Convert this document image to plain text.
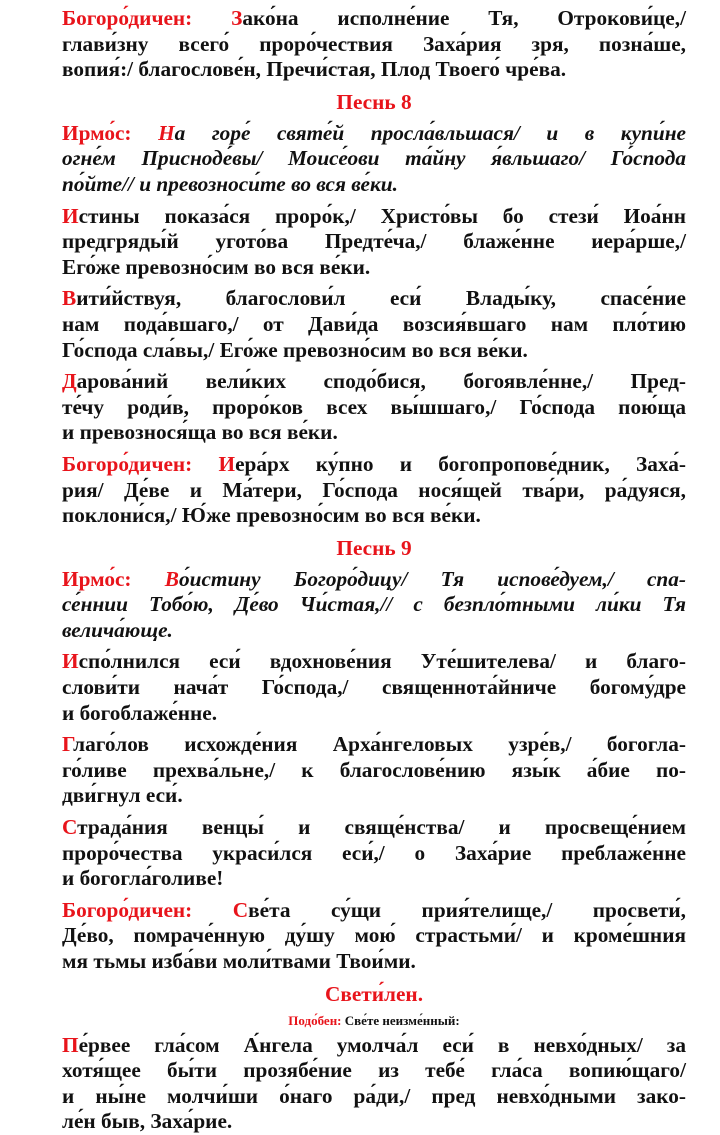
Богоро́дичен: Зако́на исполне́ние Тя, Отрокови́це,/
глави́зну всего́ проро́чествия Заха́рия зря, позна́ше,
вопия́:/ благослове́н, Пречи́стая, Плод Твоего́ чре́ва.

Песнь 8

Ирмо́с: На горе́ святе́й просла́вльшася/ и в купи́не
огне́м Присноде́вы/ Моисе́ови та́йну я́вльшаго/ Го́спода
по́йте// и превозноси́те во вся ве́ки.

Истины показа́ся проро́к,/ Христо́вы бо стези́ Иоа́нн
предгряды́й угото́ва Предте́ча,/ блаже́нне иера́рше,/
Его́же превозно́сим во вся ве́ки.

Вити́йствуя, благослови́л еси́ Влады́ку, спасе́ние
нам пода́вшаго,/ от Дави́да возсия́вшаго нам пло́тию
Го́спода сла́вы,/ Его́же превозно́сим во вся ве́ки.

Дарова́ний вели́ких сподо́бися, богоявле́нне,/ Пред-
те́чу роди́в, проро́ков всех вы́шшаго,/ Го́спода пою́ща
и превознося́ща во вся ве́ки.

Богоро́дичен: Иера́рх ку́пно и богопропове́дник, Заха́-
рия/ Де́ве и Ма́тери, Го́спода нося́щей тва́ри, ра́дуяся,
поклони́ся,/ Ю́же превозно́сим во вся ве́ки.

Песнь 9

Ирмо́с: Во́истину Богоро́дицу/ Тя испове́дуем,/ спа-
се́ннии Тобо́ю, Де́во Чи́стая,// с безпло́тными ли́ки Тя
велича́юще.

Испо́лнился еси́ вдохнове́ния Уте́шителева/ и благо-
слови́ти нача́т Го́спода,/ священнота́йниче богому́дре
и богоблаже́нне.

Глаго́лов исхожде́ния Арха́нгеловых узре́в,/ богогла-
го́ливе прехва́льне,/ к благослове́нию язы́к а́бие по-
дви́гнул еси́.

Страда́ния венцы́ и свяще́нства/ и просвеще́нием
проро́чества украси́лся еси́,/ о Заха́рие преблаже́нне
и богогла́голиве!

Богоро́дичен: Све́та су́щи прия́телище,/ просвети́,
Де́во, помраче́нную ду́шу мою́ страстьми́/ и кроме́шния
мя тьмы изба́ви моли́твами Твои́ми.

Свети́лен.
Подо́бен: Све́те неизме́нный:

Пе́рвее гла́сом А́нгела умолча́л еси́ в невхо́дных/ за
хотя́щее бы́ти прозябе́ние из тебе́ гла́са вопию́щаго/
и ны́не молчи́ши о́наго ра́ди,/ пред невхо́дными зако-
ле́н быв, Заха́рие.
